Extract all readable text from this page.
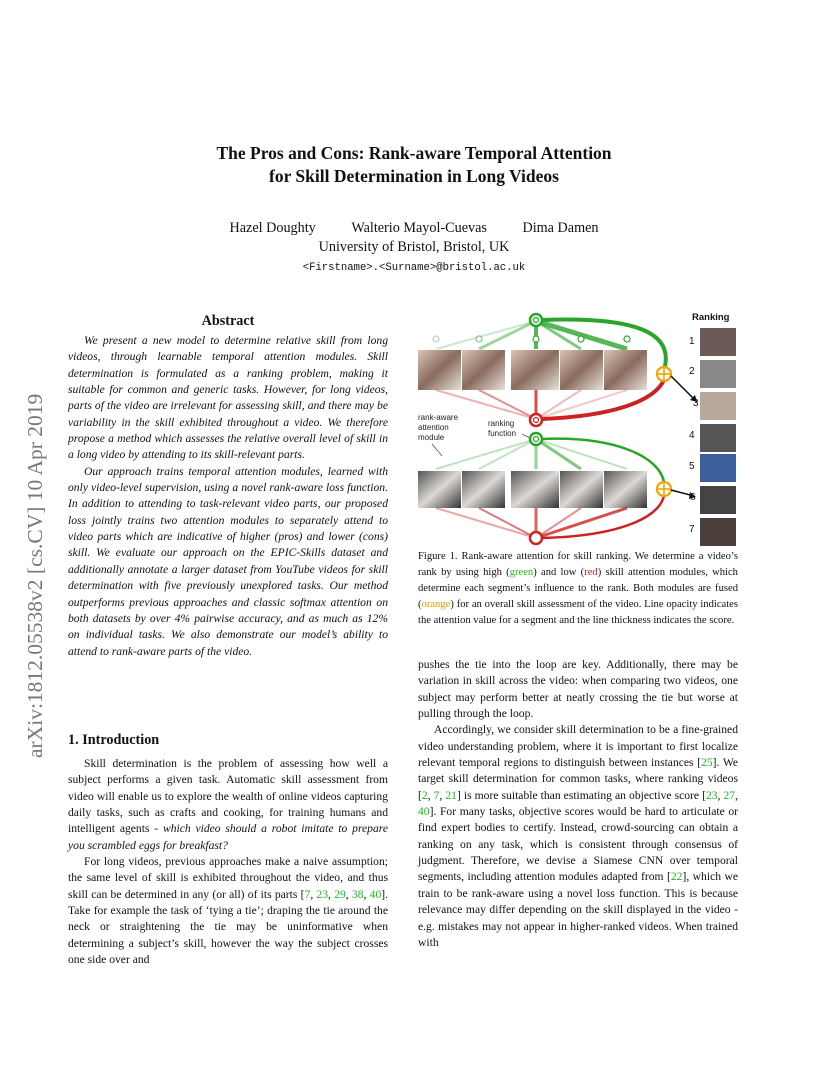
arXiv:1812.05538v2 [cs.CV] 10 Apr 2019
The Pros and Cons: Rank-aware Temporal Attention
for Skill Determination in Long Videos
Hazel Doughty	Walterio Mayol-Cuevas	Dima Damen
University of Bristol, Bristol, UK
<Firstname>.<Surname>@bristol.ac.uk
Abstract

We present a new model to determine relative skill from long videos, through learnable temporal attention modules. Skill determination is formulated as a ranking problem, making it suitable for common and generic tasks. However, for long videos, parts of the video are irrelevant for assessing skill, and there may be variability in the skill exhibited throughout a video. We therefore propose a method which assesses the relative overall level of skill in a long video by attending to its skill-relevant parts.

Our approach trains temporal attention modules, learned with only video-level supervision, using a novel rank-aware loss function. In addition to attending to task-relevant video parts, our proposed loss jointly trains two attention modules to separately attend to video parts which are indicative of higher (pros) and lower (cons) skill. We evaluate our approach on the EPIC-Skills dataset and additionally annotate a larger dataset from YouTube videos for skill determination with five previously unexplored tasks. Our method outperforms previous approaches and classic softmax attention on both datasets by over 4% pairwise accuracy, and as much as 12% on individual tasks. We also demonstrate our model’s ability to attend to rank-aware parts of the video.

1. Introduction

Skill determination is the problem of assessing how well a subject performs a given task. Automatic skill assessment from video will enable us to explore the wealth of online videos capturing daily tasks, such as crafts and cooking, for training humans and intelligent agents - which video should a robot imitate to prepare you scrambled eggs for breakfast?

For long videos, previous approaches make a naive assumption; the same level of skill is exhibited throughout the video, and thus skill can be determined in any (or all) of its parts [7, 23, 29, 38, 40]. Take for example the task of ‘tying a tie’; draping the tie around the neck or straightening the tie may be uninformative when determining a subject’s skill, however the way the subject crosses one side over and

rank-aware
attention
module
ranking
function
Ranking
1
2
3
4
5
6
7
Figure 1. Rank-aware attention for skill ranking. We determine a video’s rank by using high (green) and low (red) skill attention modules, which determine each segment’s influence to the rank. Both modules are fused (orange) for an overall skill assessment of the video. Line opacity indicates the attention value for a segment and the line thickness indicates the score.

pushes the tie into the loop are key. Additionally, there may be variation in skill across the video: when comparing two videos, one subject may perform better at neatly crossing the tie but worse at pulling through the loop.

Accordingly, we consider skill determination to be a fine-grained video understanding problem, where it is important to first localize relevant temporal regions to distinguish between instances [25]. We target skill determination for common tasks, where ranking videos [2, 7, 21] is more suitable than estimating an objective score [23, 27, 40]. For many tasks, objective scores would be hard to articulate or find expert bodies to certify. Instead, crowd-sourcing can obtain a ranking on any task, which is consistent through consensus of judgment. Therefore, we devise a Siamese CNN over temporal segments, including attention modules adapted from [22], which we train to be rank-aware using a novel loss function. This is because relevance may differ depending on the skill displayed in the video - e.g. mistakes may not appear in higher-ranked videos. When trained with
